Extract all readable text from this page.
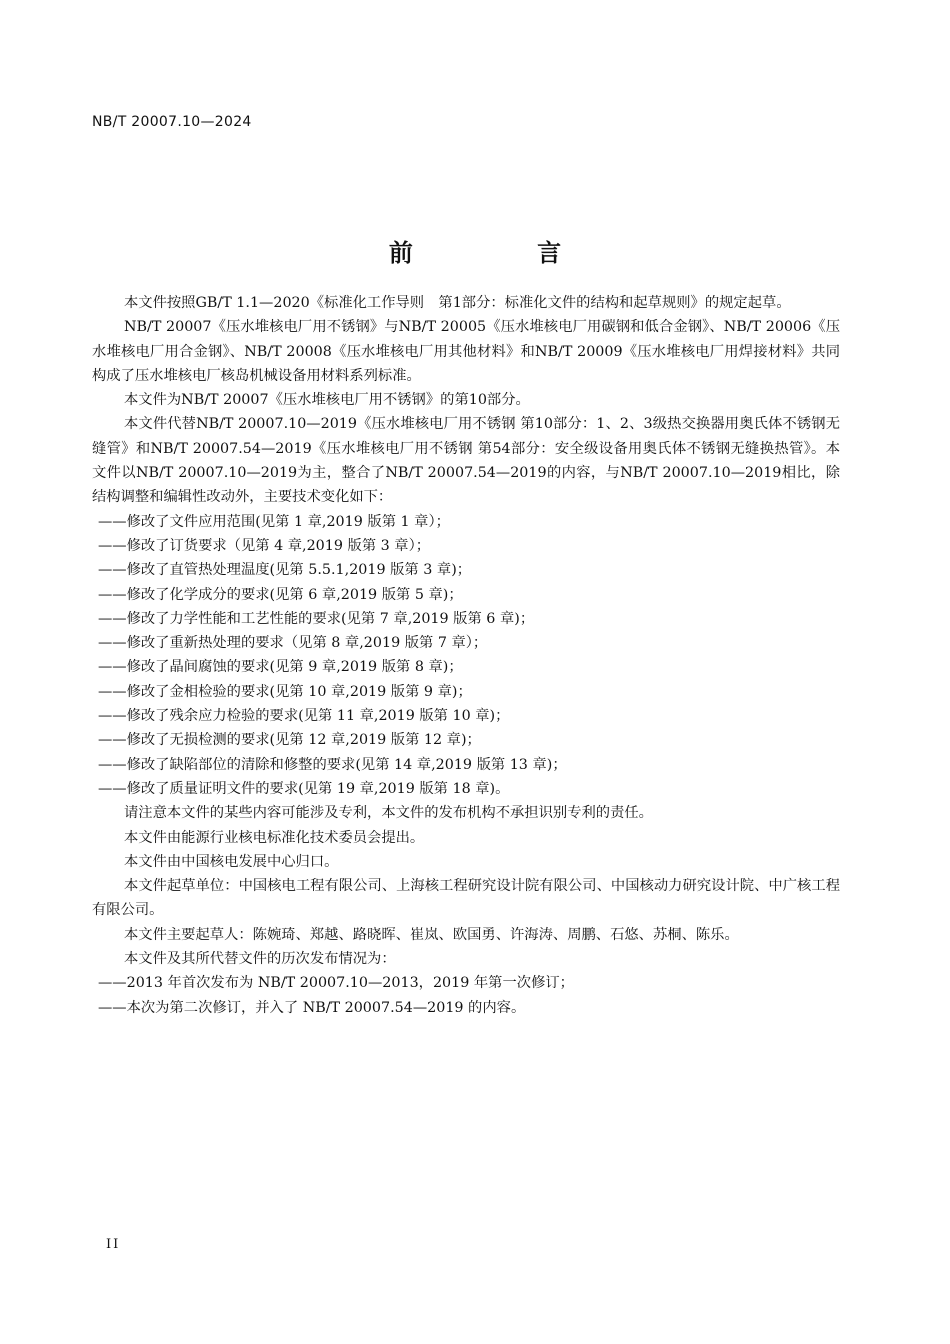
NB/T 20007.10—2024
前 言

本文件按照GB/T 1.1—2020《标准化工作导则　第1部分：标准化文件的结构和起草规则》的规定起草。

NB/T 20007《压水堆核电厂用不锈钢》与NB/T 20005《压水堆核电厂用碳钢和低合金钢》、NB/T 20006《压水堆核电厂用合金钢》、NB/T 20008《压水堆核电厂用其他材料》和NB/T 20009《压水堆核电厂用焊接材料》共同构成了压水堆核电厂核岛机械设备用材料系列标准。

本文件为NB/T 20007《压水堆核电厂用不锈钢》的第10部分。

本文件代替NB/T 20007.10—2019《压水堆核电厂用不锈钢 第10部分：1、2、3级热交换器用奥氏体不锈钢无缝管》和NB/T 20007.54—2019《压水堆核电厂用不锈钢 第54部分：安全级设备用奥氏体不锈钢无缝换热管》。本文件以NB/T 20007.10—2019为主，整合了NB/T 20007.54—2019的内容，与NB/T 20007.10—2019相比，除结构调整和编辑性改动外，主要技术变化如下：

——修改了文件应用范围(见第 1 章,2019 版第 1 章）；

——修改了订货要求（见第 4 章,2019 版第 3 章）；

——修改了直管热处理温度(见第 5.5.1,2019 版第 3 章)；

——修改了化学成分的要求(见第 6 章,2019 版第 5 章)；

——修改了力学性能和工艺性能的要求(见第 7 章,2019 版第 6 章)；

——修改了重新热处理的要求（见第 8 章,2019 版第 7 章）；

——修改了晶间腐蚀的要求(见第 9 章,2019 版第 8 章)；

——修改了金相检验的要求(见第 10 章,2019 版第 9 章)；

——修改了残余应力检验的要求(见第 11 章,2019 版第 10 章)；

——修改了无损检测的要求(见第 12 章,2019 版第 12 章)；

——修改了缺陷部位的清除和修整的要求(见第 14 章,2019 版第 13 章)；

——修改了质量证明文件的要求(见第 19 章,2019 版第 18 章)。

请注意本文件的某些内容可能涉及专利，本文件的发布机构不承担识别专利的责任。

本文件由能源行业核电标准化技术委员会提出。

本文件由中国核电发展中心归口。

本文件起草单位：中国核电工程有限公司、上海核工程研究设计院有限公司、中国核动力研究设计院、中广核工程有限公司。

本文件主要起草人：陈婉琦、郑越、路晓晖、崔岚、欧国勇、许海涛、周鹏、石悠、苏桐、陈乐。

本文件及其所代替文件的历次发布情况为：

——2013 年首次发布为 NB/T 20007.10—2013，2019 年第一次修订；

——本次为第二次修订，并入了 NB/T 20007.54—2019 的内容。

II
